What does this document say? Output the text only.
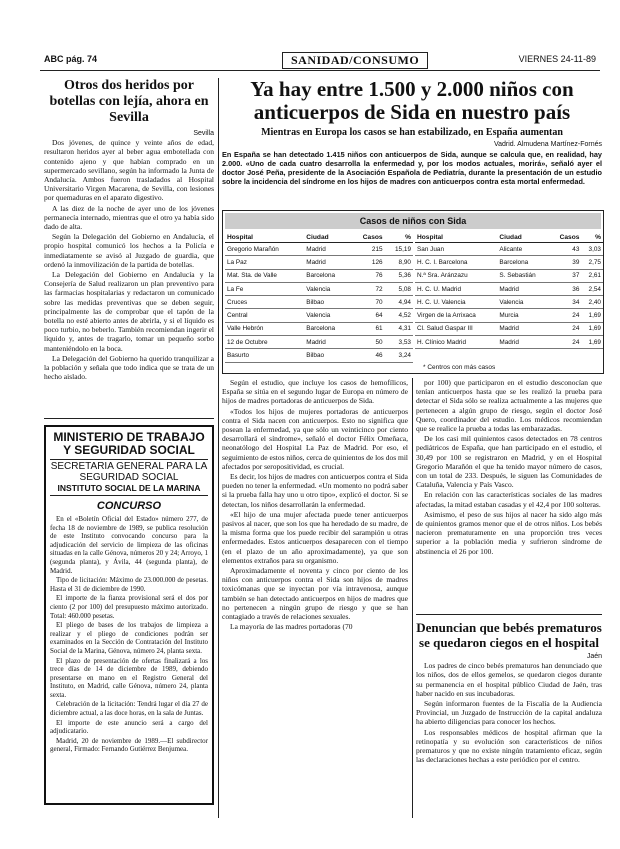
ABC pág. 74	SANIDAD/CONSUMO	VIERNES 24-11-89
Otros dos heridos por botellas con lejía, ahora en Sevilla
Sevilla

Dos jóvenes, de quince y veinte años de edad, resultaron heridos ayer al beber agua embotellada con contenido ajeno y que habían comprado en un supermercado sevillano, según ha informado la Junta de Andalucía. Ambos fueron trasladados al Hospital Universitario Virgen Macarena, de Sevilla, con lesiones por quemaduras en el aparato digestivo.

A las diez de la noche de ayer uno de los jóvenes permanecía internado, mientras que el otro ya había sido dado de alta.

Según la Delegación del Gobierno en Andalucía, el propio hospital comunicó los hechos a la Policía e inmediatamente se avisó al Juzgado de guardia, que ordenó la inmovilización de la partida de botellas.

La Delegación del Gobierno en Andalucía y la Consejería de Salud realizaron un plan preventivo para las farmacias hospitalarias y redactaron un comunicado sobre las medidas preventivas que se deben seguir, principalmente las de comprobar que el tapón de la botella no esté abierto antes de abrirla, y si el líquido es poco turbio, no beberlo. También recomiendan ingerir el líquido y, antes de tragarlo, tomar un pequeño sorbo manteniéndolo en la boca.

La Delegación del Gobierno ha querido tranquilizar a la población y señala que todo indica que se trata de un hecho aislado.

MINISTERIO DE TRABAJO Y SEGURIDAD SOCIAL
SECRETARIA GENERAL PARA LA SEGURIDAD SOCIAL
INSTITUTO SOCIAL DE LA MARINA
CONCURSO

En el «Boletín Oficial del Estado» número 277, de fecha 18 de noviembre de 1989, se publica resolución de este Instituto convocando concurso para la adjudicación del servicio de limpieza de las oficinas situadas en la calle Génova, números 20 y 24; Arroyo, 1 (segunda planta), y Ávila, 44 (segunda planta), de Madrid.

Tipo de licitación: Máximo de 23.000.000 de pesetas. Hasta el 31 de diciembre de 1990.

El importe de la fianza provisional será el dos por ciento (2 por 100) del presupuesto máximo autorizado. Total: 460.000 pesetas.

El pliego de bases de los trabajos de limpieza a realizar y el pliego de condiciones podrán ser examinados en la Sección de Contratación del Instituto Social de la Marina, Génova, número 24, planta sexta.

El plazo de presentación de ofertas finalizará a los trece días de 14 de diciembre de 1989, debiendo presentarse en mano en el Registro General del Instituto, en Madrid, calle Génova, número 24, planta sexta.

Celebración de la licitación: Tendrá lugar el día 27 de diciembre actual, a las doce horas, en la sala de Juntas.

El importe de este anuncio será a cargo del adjudicatario.

Madrid, 20 de noviembre de 1989.—El subdirector general, Firmado: Fernando Gutiérrez Benjumea.

Ya hay entre 1.500 y 2.000 niños con anticuerpos de Sida en nuestro país
Mientras en Europa los casos se han estabilizado, en España aumentan
Vadrid. Almudena Martínez-Fornés
En España se han detectado 1.415 niños con anticuerpos de Sida, aunque se calcula que, en realidad, hay 2.000. «Uno de cada cuatro desarrolla la enfermedad y, por los modos actuales, morirá», señaló ayer el doctor José Peña, presidente de la Asociación Española de Pediatría, durante la presentación de un estudio sobre la incidencia del síndrome en los hijos de madres con anticuerpos contra esta mortal enfermedad.
Casos de niños con Sida
Hospital	Ciudad	Casos	%
Gregorio Marañón	Madrid	215	15,19
La Paz	Madrid	126	8,90
Mat. Sta. de Valle	Barcelona	76	5,36
La Fe	Valencia	72	5,08
Cruces	Bilbao	70	4,94
Central	Valencia	64	4,52
Valle Hebrón	Barcelona	61	4,31
12 de Octubre	Madrid	50	3,53
Basurto	Bilbao	46	3,24
Hospital	Ciudad	Casos	%
San Juan	Alicante	43	3,03
H. C. I. Barcelona	Barcelona	39	2,75
N.ª Sra. Aránzazu	S. Sebastián	37	2,61
H. C. U. Madrid	Madrid	36	2,54
H. C. U. Valencia	Valencia	34	2,40
Virgen de la Arrixaca	Murcia	24	1,69
Cl. Salud Gaspar III	Madrid	24	1,69
H. Clínico Madrid	Madrid	24	1,69
* Centros con más casos

Según el estudio, que incluye los casos de hemofílicos, España se sitúa en el segundo lugar de Europa en número de hijos de madres portadoras de anticuerpos de Sida.

«Todos los hijos de mujeres portadoras de anticuerpos contra el Sida nacen con anticuerpos. Esto no significa que posean la enfermedad, ya que sólo un veinticinco por ciento desarrollará el síndrome», señaló el doctor Félix Omeñaca, neonatólogo del Hospital La Paz de Madrid. Por eso, el seguimiento de estos niños, cerca de quinientos de los dos mil afectados por seropositividad, es crucial.

Es decir, los hijos de madres con anticuerpos contra el Sida pueden no tener la enfermedad. «Un momento no podrá saber si la prueba falla hay uno u otro tipo», explicó el doctor. Si se detectan, los niños desarrollarán la enfermedad.

«El hijo de una mujer afectada puede tener anticuerpos pasivos al nacer, que son los que ha heredado de su madre, de la misma forma que los puede recibir del sarampión u otras enfermedades. Estos anticuerpos desaparecen con el tiempo (en el plazo de un año aproximadamente), ya que son elementos extraños para su organismo.

Aproximadamente el noventa y cinco por ciento de los niños con anticuerpos contra el Sida son hijos de madres toxicómanas que se inyectan por vía intravenosa, aunque también se han detectado anticuerpos en hijos de madres que no pertenecen a ningún grupo de riesgo y que se han contagiado a través de relaciones sexuales.

La mayoría de las madres portadoras (70

por 100) que participaron en el estudio desconocían que tenían anticuerpos hasta que se les realizó la prueba para detectar el Sida sólo se realiza actualmente a las mujeres que pertenecen a algún grupo de riesgo, según el doctor José Quero, coordinador del estudio. Los médicos recomiendan que se realice la prueba a todas las embarazadas.

De los casi mil quinientos casos detectados en 78 centros pediátricos de España, que han participado en el estudio, el 30,49 por 100 se registraron en Madrid, y en el Hospital Gregorio Marañón el que ha tenido mayor número de casos, con un total de 233. Después, le siguen las Comunidades de Cataluña, Valencia y País Vasco.

En relación con las características sociales de las madres afectadas, la mitad estaban casadas y el 42,4 por 100 solteras.

Asimismo, el peso de sus hijos al nacer ha sido algo más de quinientos gramos menor que el de otros niños. Los bebés nacieron prematuramente en una proporción tres veces superior a la población media y sufrieron síndrome de abstinencia el 26 por 100.

Denuncian que bebés prematuros se quedaron ciegos en el hospital
Jaén

Los padres de cinco bebés prematuros han denunciado que los niños, dos de ellos gemelos, se quedaron ciegos durante su permanencia en el hospital público Ciudad de Jaén, tras haber nacido en sus incubadoras.

Según informaron fuentes de la Fiscalía de la Audiencia Provincial, un Juzgado de Instrucción de la capital andaluza ha abierto diligencias para conocer los hechos.

Los responsables médicos de hospital afirman que la retinopatía y su evolución son característicos de niños prematuros y que no existe ningún tratamiento eficaz, según las declaraciones hechas a este periódico por el centro.
